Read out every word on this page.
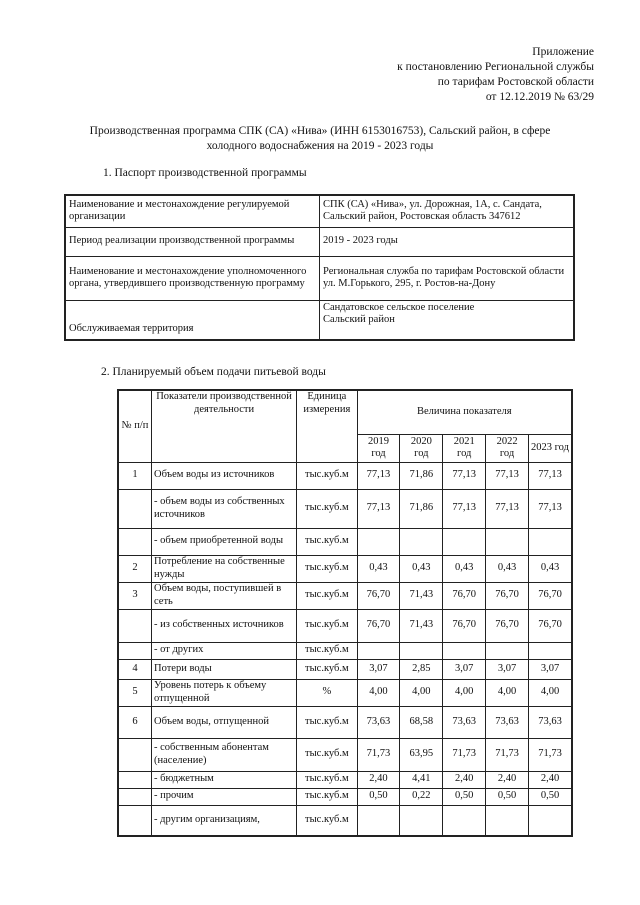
Приложение
к постановлению Региональной службы
по тарифам Ростовской области
от 12.12.2019 № 63/29
Производственная программа СПК (СА) «Нива» (ИНН 6153016753), Сальский район, в сфере
холодного водоснабжения на 2019 - 2023 годы
1. Паспорт производственной программы
Наименование и местонахождение регулируемой организации	СПК (СА) «Нива», ул. Дорожная, 1А, с. Сандата, Сальский район, Ростовская область 347612
Период реализации производственной программы	2019 - 2023 годы
Наименование и местонахождение уполномоченного органа, утвердившего производственную программу	Региональная служба по тарифам Ростовской области
ул. М.Горького, 295, г. Ростов-на-Дону

Обслуживаемая территория	Сандатовское сельское поселение
Сальский район
2. Планируемый объем подачи питьевой воды
№ п/п	Показатели производственной деятельности	Единица измерения	Величина показателя				
			2019 год	2020 год	2021 год	2022 год	2023 год
1	Объем воды из источников	тыс.куб.м	77,13	71,86	77,13	77,13	77,13
	- объем воды из собственных источников	тыс.куб.м	77,13	71,86	77,13	77,13	77,13
	- объем приобретенной воды	тыс.куб.м					
2	Потребление на собственные нужды	тыс.куб.м	0,43	0,43	0,43	0,43	0,43
3	Объем воды, поступившей в сеть	тыс.куб.м	76,70	71,43	76,70	76,70	76,70
	- из собственных источников	тыс.куб.м	76,70	71,43	76,70	76,70	76,70
	- от других	тыс.куб.м					
4	Потери воды	тыс.куб.м	3,07	2,85	3,07	3,07	3,07
5	Уровень потерь к объему отпущенной	%	4,00	4,00	4,00	4,00	4,00
6	Объем воды, отпущенной	тыс.куб.м	73,63	68,58	73,63	73,63	73,63
	- собственным абонентам (население)	тыс.куб.м	71,73	63,95	71,73	71,73	71,73
	- бюджетным	тыс.куб.м	2,40	4,41	2,40	2,40	2,40
	- прочим	тыс.куб.м	0,50	0,22	0,50	0,50	0,50
	- другим организациям,	тыс.куб.м					
